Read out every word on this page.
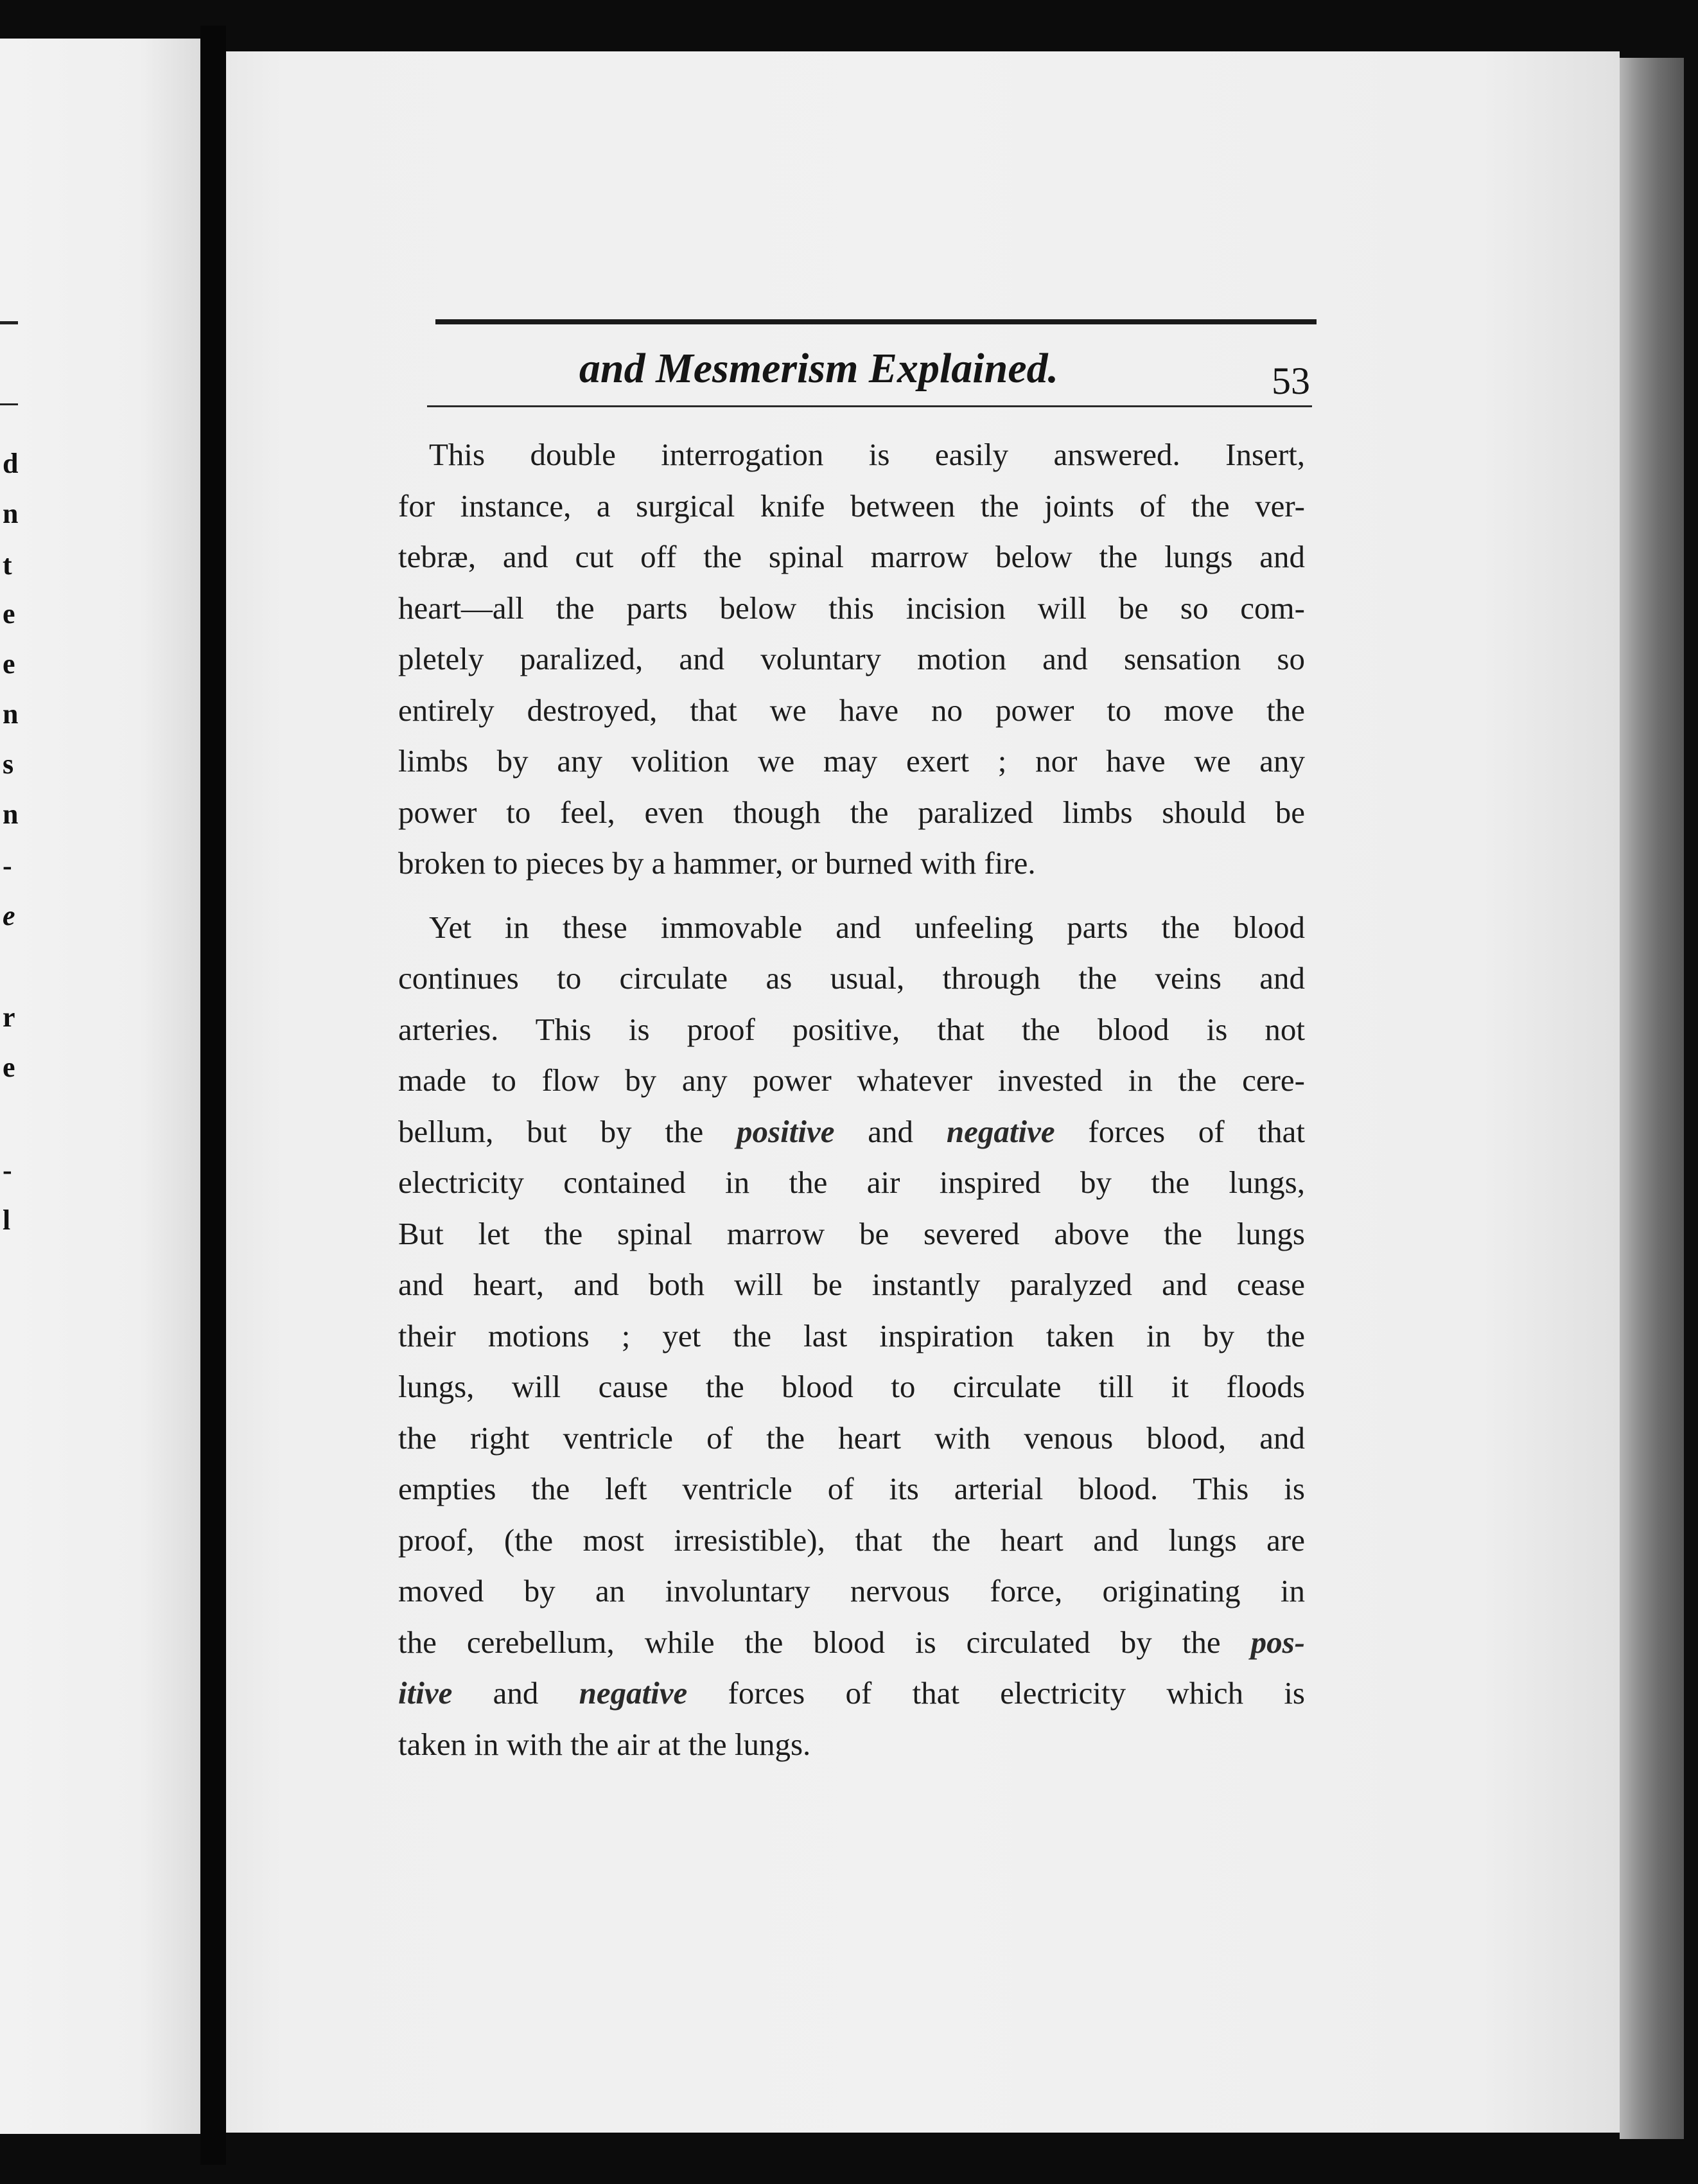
d
n
t
e
e
n
s
n
-
e
r
e
-
l
and Mesmerism Explained.	53
This double interrogation is easily answered. Insert,
for instance, a surgical knife between the joints of the ver-
tebræ, and cut off the spinal marrow below the lungs and
heart—all the parts below this incision will be so com-
pletely paralized, and voluntary motion and sensation so
entirely destroyed, that we have no power to move the
limbs by any volition we may exert ; nor have we any
power to feel, even though the paralized limbs should be
broken to pieces by a hammer, or burned with fire.
Yet in these immovable and unfeeling parts the blood
continues to circulate as usual, through the veins and
arteries. This is proof positive, that the blood is not
made to flow by any power whatever invested in the cere-
bellum, but by the positive and negative forces of that
electricity contained in the air inspired by the lungs,
But let the spinal marrow be severed above the lungs
and heart, and both will be instantly paralyzed and cease
their motions ; yet the last inspiration taken in by the
lungs, will cause the blood to circulate till it floods
the right ventricle of the heart with venous blood, and
empties the left ventricle of its arterial blood. This is
proof, (the most irresistible), that the heart and lungs are
moved by an involuntary nervous force, originating in
the cerebellum, while the blood is circulated by the pos-
itive and negative forces of that electricity which is
taken in with the air at the lungs.
